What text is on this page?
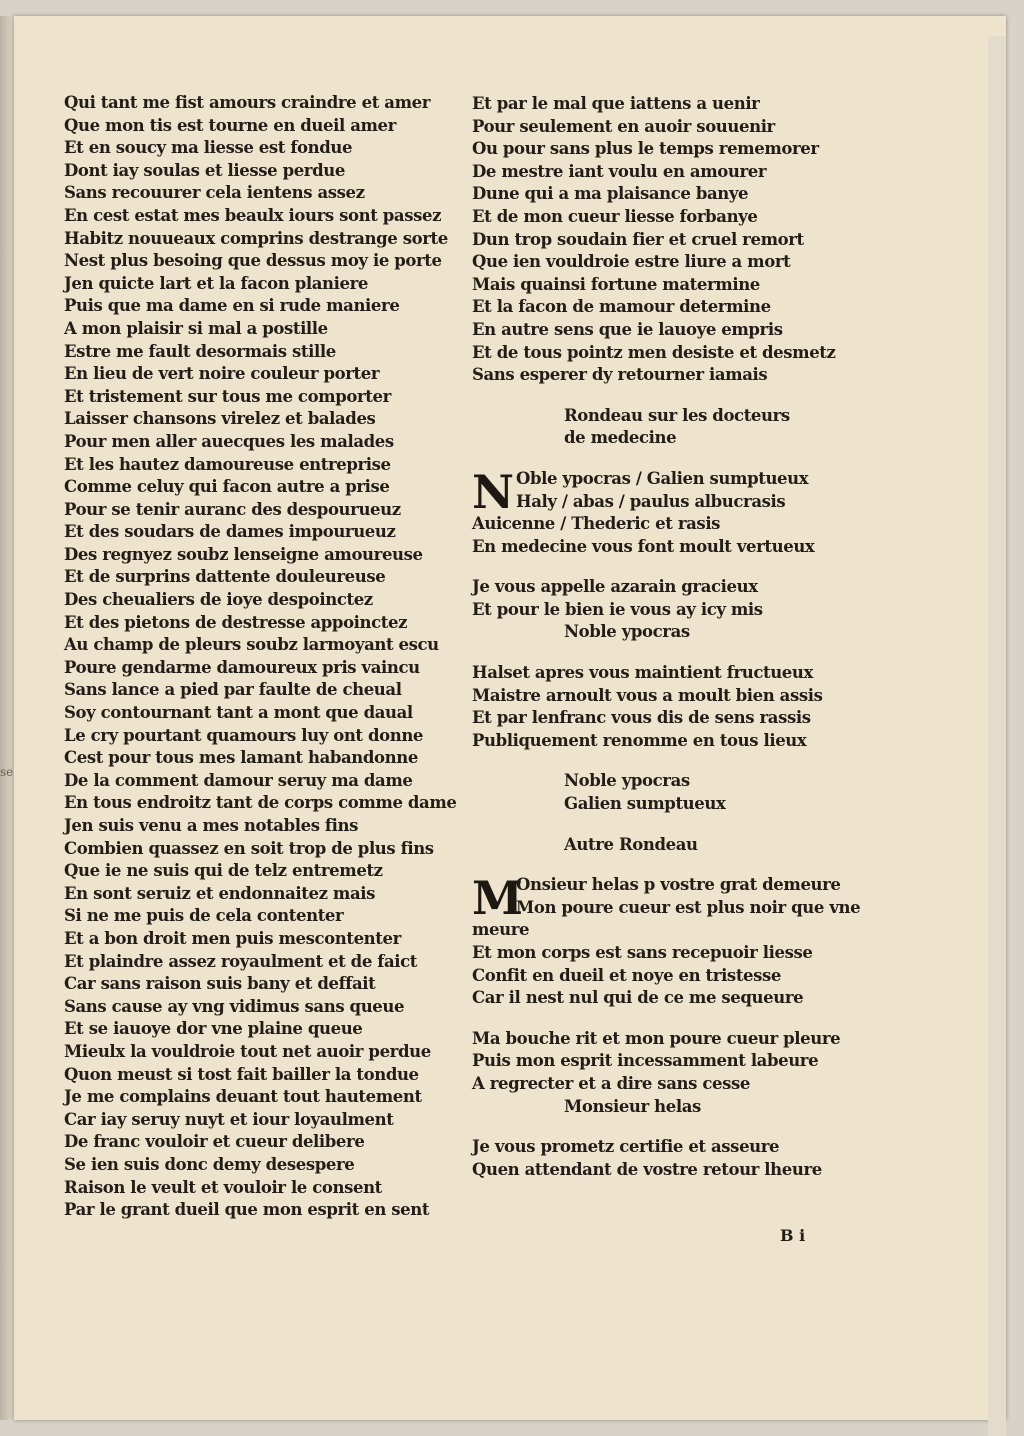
se
Qui tant me fist amours craindre et amer
Que mon tis est tourne en dueil amer
Et en soucy ma liesse est fondue
Dont iay soulas et liesse perdue
Sans recouurer cela ientens assez
En cest estat mes beaulx iours sont passez
Habitz nouueaux comprins destrange sorte
Nest plus besoing que dessus moy ie porte
Jen quicte lart et la facon planiere
Puis que ma dame en si rude maniere
A mon plaisir si mal a postille
Estre me fault desormais stille
En lieu de vert noire couleur porter
Et tristement sur tous me comporter
Laisser chansons virelez et balades
Pour men aller auecques les malades
Et les hautez damoureuse entreprise
Comme celuy qui facon autre a prise
Pour se tenir auranc des despourueuz
Et des soudars de dames impourueuz
Des regnyez soubz lenseigne amoureuse
Et de surprins dattente douleureuse
Des cheualiers de ioye despoinctez
Et des pietons de destresse appoinctez
Au champ de pleurs soubz larmoyant escu
Poure gendarme damoureux pris vaincu
Sans lance a pied par faulte de cheual
Soy contournant tant a mont que daual
Le cry pourtant quamours luy ont donne
Cest pour tous mes lamant habandonne
De la comment damour seruy ma dame
En tous endroitz tant de corps comme dame
Jen suis venu a mes notables fins
Combien quassez en soit trop de plus fins
Que ie ne suis qui de telz entremetz
En sont seruiz et endonnaitez mais
Si ne me puis de cela contenter
Et a bon droit men puis mescontenter
Et plaindre assez royaulment et de faict
Car sans raison suis bany et deffait
Sans cause ay vng vidimus sans queue
Et se iauoye dor vne plaine queue
Mieulx la vouldroie tout net auoir perdue
Quon meust si tost fait bailler la tondue
Je me complains deuant tout hautement
Car iay seruy nuyt et iour loyaulment
De franc vouloir et cueur delibere
Se ien suis donc demy desespere
Raison le veult et vouloir le consent
Par le grant dueil que mon esprit en sent
Et par le mal que iattens a uenir
Pour seulement en auoir souuenir
Ou pour sans plus le temps rememorer
De mestre iant voulu en amourer
Dune qui a ma plaisance banye
Et de mon cueur liesse forbanye
Dun trop soudain fier et cruel remort
Que ien vouldroie estre liure a mort
Mais quainsi fortune matermine
Et la facon de mamour determine
En autre sens que ie lauoye empris
Et de tous pointz men desiste et desmetz
Sans esperer dy retourner iamais
Rondeau sur les docteurs
de medecine
N Oble ypocras / Galien sumptueux
Haly / abas / paulus albucrasis
Auicenne / Thederic et rasis
En medecine vous font moult vertueux
Je vous appelle azarain gracieux
Et pour le bien ie vous ay icy mis
Noble ypocras
Halset apres vous maintient fructueux
Maistre arnoult vous a moult bien assis
Et par lenfranc vous dis de sens rassis
Publiquement renomme en tous lieux
Noble ypocras
Galien sumptueux
Autre Rondeau
M
Onsieur helas p vostre grat demeure
Mon poure cueur est plus noir que vne
meure
Et mon corps est sans recepuoir liesse
Confit en dueil et noye en tristesse
Car il nest nul qui de ce me sequeure
Ma bouche rit et mon poure cueur pleure
Puis mon esprit incessamment labeure
A regrecter et a dire sans cesse
Monsieur helas
Je vous prometz certifie et asseure
Quen attendant de vostre retour lheure
B i
